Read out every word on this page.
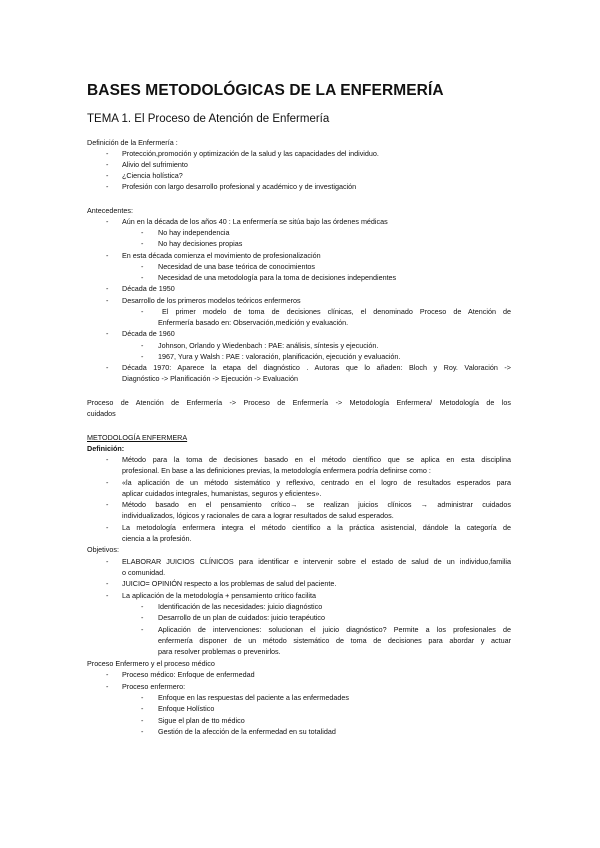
BASES METODOLÓGICAS DE LA ENFERMERÍA
TEMA 1. El Proceso de Atención de Enfermería
Definición de la Enfermería :
- Protección,promoción y optimización de la salud y las capacidades del individuo.
- Alivio del sufrimiento
- ¿Ciencia holística?
- Profesión con largo desarrollo profesional y académico y de investigación
Antecedentes:
- Aún en la década de los años 40 : La enfermería se sitúa bajo las órdenes médicas
- No hay independencia
- No hay decisiones propias
- En esta década comienza el movimiento de profesionalización
- Necesidad de una base teórica de conocimientos
- Necesidad de una metodología para la toma de decisiones independientes
- Década de 1950
- Desarrollo de los primeros modelos teóricos enfermeros
-	El primer modelo de toma de decisiones clínicas, el denominado Proceso de Atención de
Enfermería basado en: Observación,medición y evaluación.
- Década de 1960
- Johnson, Orlando y Wiedenbach : PAE: análisis, síntesis y ejecución.
- 1967, Yura y Walsh : PAE : valoración, planificación, ejecución y evaluación.
- Década 1970: Aparece la etapa del diagnóstico . Autoras que lo añaden: Bloch y Roy. Valoración ->
Diagnóstico -> Planificación -> Ejecución -> Evaluación
Proceso de Atención de Enfermería -> Proceso de Enfermería -> Metodología Enfermera/ Metodología de los
cuidados
METODOLOGÍA ENFERMERA
Definición:
- Método para la toma de decisiones basado en el método científico que se aplica en esta disciplina
profesional. En base a las definiciones previas, la metodología enfermera podría definirse como :
- «la aplicación de un método sistemático y reflexivo, centrado en el logro de resultados esperados para
aplicar cuidados integrales, humanistas, seguros y eficientes».
- Método basado en el pensamiento crítico→ se realizan juicios clínicos → administrar cuidados
individualizados, lógicos y racionales de cara a lograr resultados de salud esperados.
- La metodología enfermera integra el método científico a la práctica asistencial, dándole la categoría de
ciencia a la profesión.
Objetivos:
- ELABORAR JUICIOS CLÍNICOS para identificar e intervenir sobre el estado de salud de un individuo,familia
o comunidad.
- JUICIO= OPINIÓN respecto a los problemas de salud del paciente.
- La aplicación de la metodología + pensamiento crítico facilita
- Identificación de las necesidades: juicio diagnóstico
- Desarrollo de un plan de cuidados: juicio terapéutico
- Aplicación de intervenciones: solucionan el juicio diagnóstico? Permite a los profesionales de
enfermería disponer de un método sistemático de toma de decisiones para abordar y actuar
para resolver problemas o prevenirlos.
Proceso Enfermero y el proceso médico
- Proceso médico: Enfoque de enfermedad
- Proceso enfermero:
- Enfoque en las respuestas del paciente a las enfermedades
- Enfoque Holístico
- Sigue el plan de tto médico
- Gestión de la afección de la enfermedad en su totalidad
